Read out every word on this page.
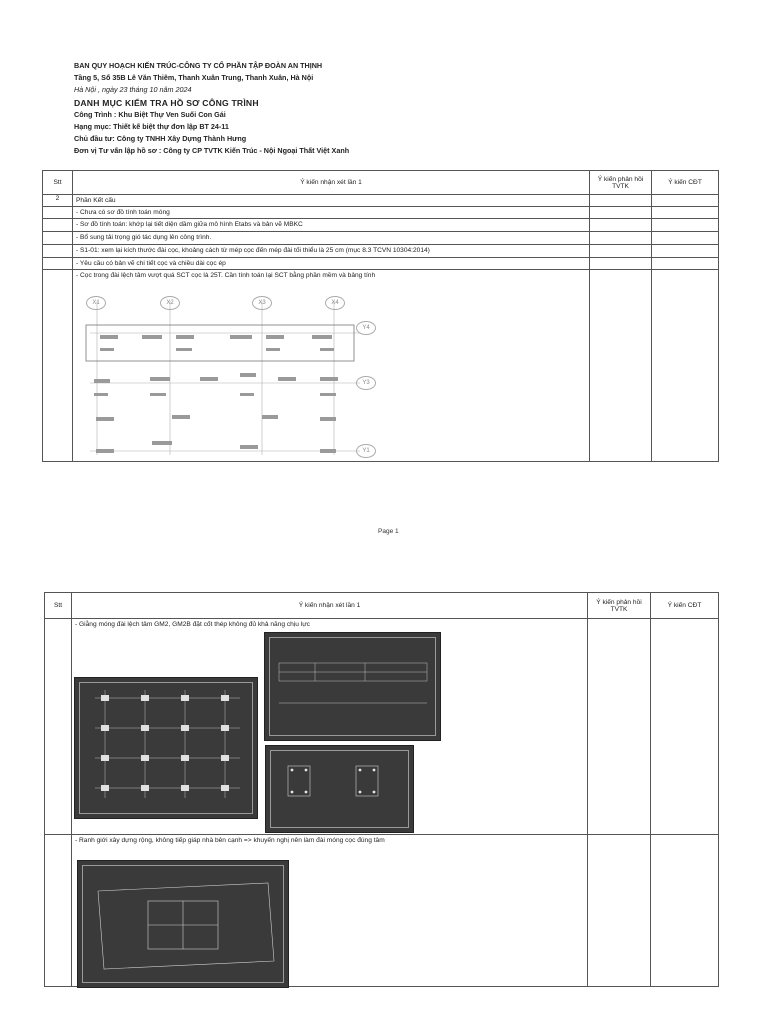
BAN QUY HOẠCH KIẾN TRÚC-CÔNG TY CỔ PHẦN TẬP ĐOÀN AN THỊNH
Tầng 5, Số 35B Lê Văn Thiêm, Thanh Xuân Trung, Thanh Xuân, Hà Nội
Hà Nội , ngày 23 tháng 10 năm 2024
DANH MỤC KIỂM TRA HỒ SƠ CÔNG TRÌNH
Công Trình : Khu Biệt Thự Ven Suối Con Gái
Hạng mục: Thiết kế biệt thự đơn lập BT 24-11
Chủ đầu tư: Công ty TNHH Xây Dựng Thành Hưng
Đơn vị Tư vấn lập hồ sơ : Công ty CP TVTK Kiến Trúc - Nội Ngoại Thất Việt Xanh
Stt	Ý kiến nhận xét lần 1	Ý kiến phản hồi TVTK	Ý kiến CĐT
2	Phần Kết cấu		
	- Chưa có sơ đồ tính toán móng		
	- Sơ đồ tính toán: khớp lại tiết diện dầm giữa mô hình Etabs và bản vẽ MBKC		
	- Bổ sung tải trọng gió tác dụng lên công trình.		
	- S1-01: xem lại kích thước đài cọc, khoảng cách từ mép cọc đến mép đài tối thiểu là 25 cm (mục 8.3 TCVN 10304:2014)		
	- Yêu cầu có bản vẽ chi tiết cọc và chiều dài cọc ép		

	- Cọc trong đài lệch tâm vượt quá SCT cọc là 25T. Cần tính toán lại SCT bằng phần mềm và bảng tính		

X1	X2	X3	X4
Y4
Y3
Y1
Page 1
Stt	Ý kiến nhận xét lần 1	Ý kiến phản hồi TVTK	Ý kiến CĐT

	- Giằng móng đài lệch tâm GM2, GM2B đặt cốt thép không đủ khả năng chịu lực		

	- Ranh giới xây dựng rộng, không tiếp giáp nhà bên cạnh => khuyến nghị nên làm đài móng cọc đúng tâm		
